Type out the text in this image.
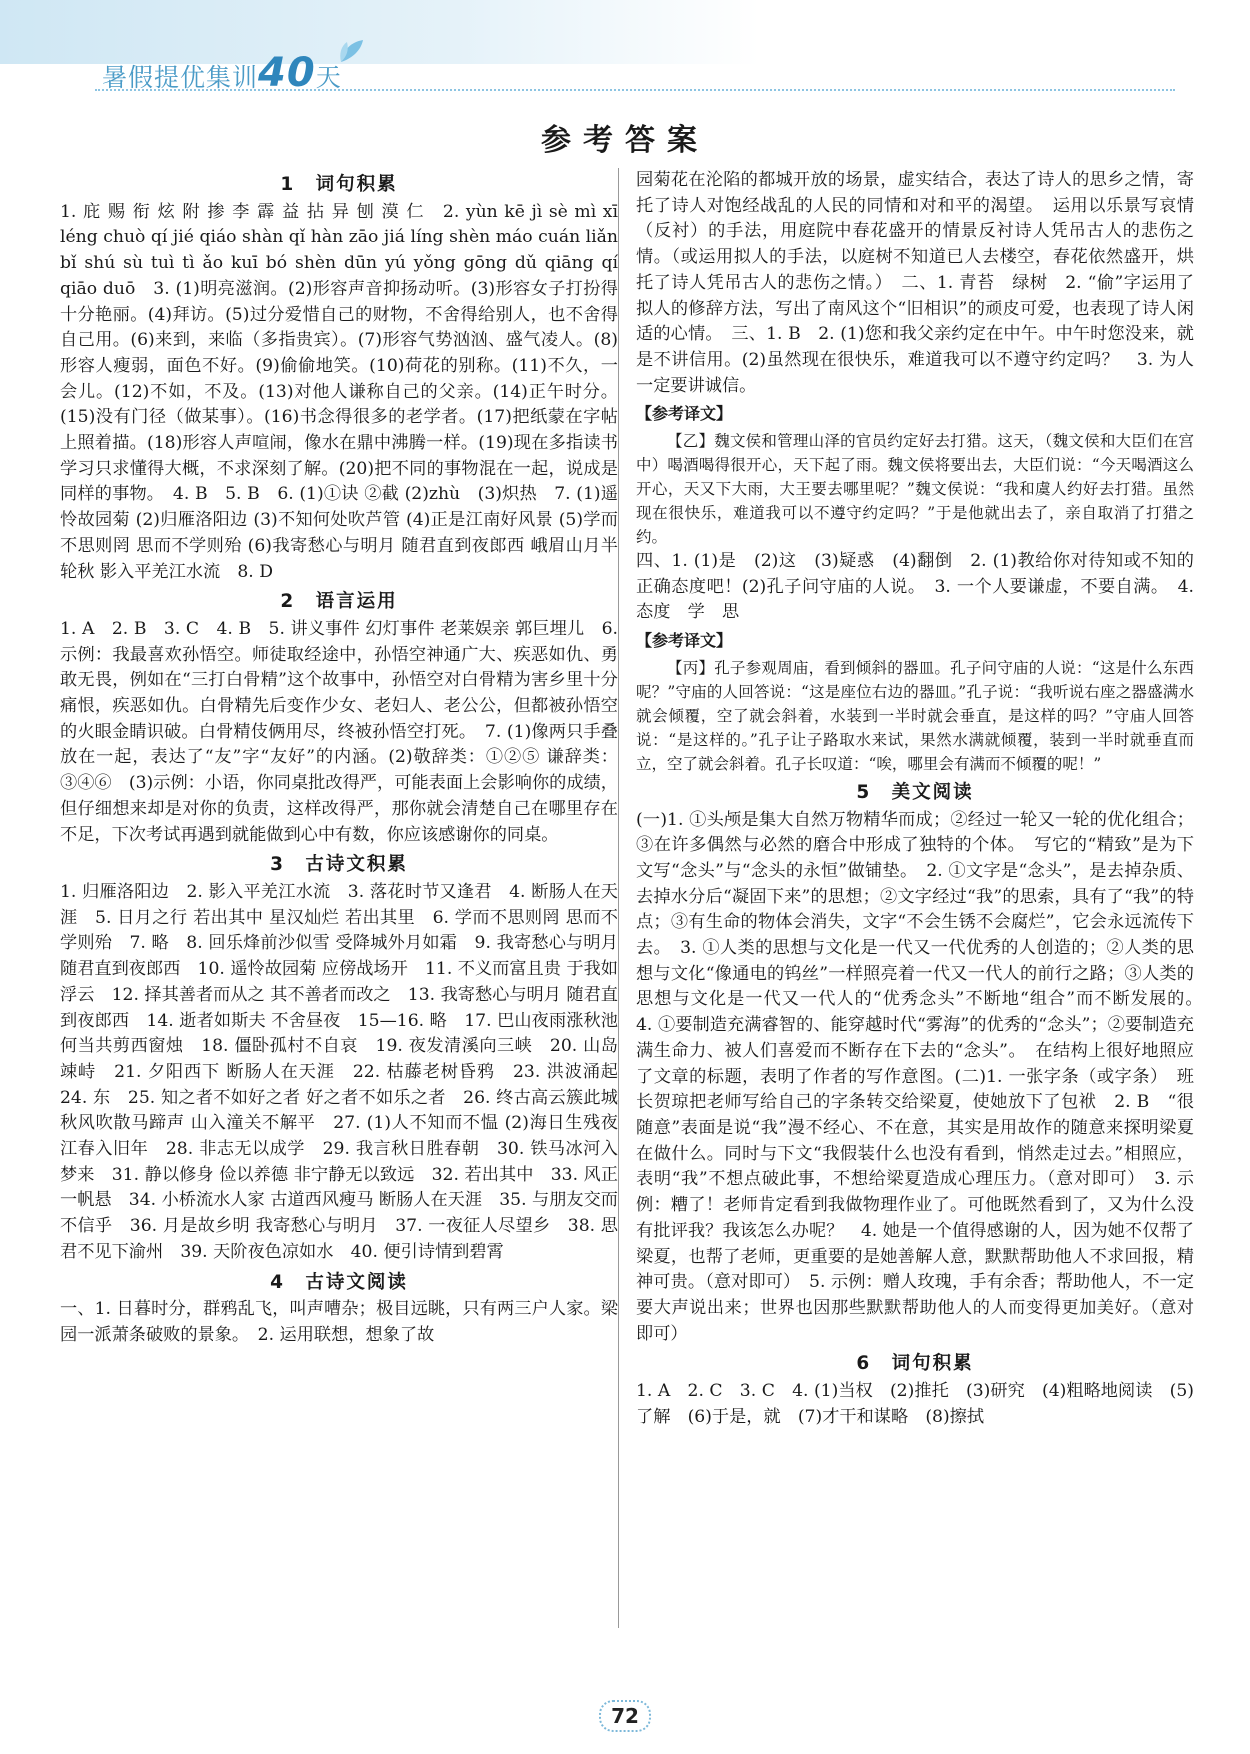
暑假提优集训40天
参考答案
1　词句积累
1. 庇 赐 衔 炫 附 掺 李 霹 益 拈 异 刨 漠 仁　2. yùn kē jì sè mì xī léng chuò qí jié qiáo shàn qǐ hàn zāo jiá líng shèn máo cuán liǎn bǐ shú sù tuì tì ǎo kuī bó shèn dūn yú yǒng gōng dǔ qiāng qí qiāo duō　3. (1)明亮滋润。(2)形容声音抑扬动听。(3)形容女子打扮得十分艳丽。(4)拜访。(5)过分爱惜自己的财物，不舍得给别人，也不舍得自己用。(6)来到，来临（多指贵宾）。(7)形容气势汹汹、盛气凌人。(8)形容人瘦弱，面色不好。(9)偷偷地笑。(10)荷花的别称。(11)不久，一会儿。(12)不如，不及。(13)对他人谦称自己的父亲。(14)正午时分。(15)没有门径（做某事）。(16)书念得很多的老学者。(17)把纸蒙在字帖上照着描。(18)形容人声喧闹，像水在鼎中沸腾一样。(19)现在多指读书学习只求懂得大概，不求深刻了解。(20)把不同的事物混在一起，说成是同样的事物。　4. B　5. B　6. (1)①诀 ②截 (2)zhù　(3)炽热　7. (1)遥怜故园菊 (2)归雁洛阳边 (3)不知何处吹芦管 (4)正是江南好风景 (5)学而不思则罔 思而不学则殆 (6)我寄愁心与明月 随君直到夜郎西 峨眉山月半轮秋 影入平羌江水流　8. D
2　语言运用
1. A　2. B　3. C　4. B　5. 讲义事件 幻灯事件 老莱娱亲 郭巨埋儿　6. 示例：我最喜欢孙悟空。师徒取经途中，孙悟空神通广大、疾恶如仇、勇敢无畏，例如在“三打白骨精”这个故事中，孙悟空对白骨精为害乡里十分痛恨，疾恶如仇。白骨精先后变作少女、老妇人、老公公，但都被孙悟空的火眼金睛识破。白骨精伎俩用尽，终被孙悟空打死。　7. (1)像两只手叠放在一起，表达了“友”字“友好”的内涵。(2)敬辞类：①②⑤ 谦辞类：③④⑥　(3)示例：小语，你同桌批改得严，可能表面上会影响你的成绩，但仔细想来却是对你的负责，这样改得严，那你就会清楚自己在哪里存在不足，下次考试再遇到就能做到心中有数，你应该感谢你的同桌。
3　古诗文积累
1. 归雁洛阳边　2. 影入平羌江水流　3. 落花时节又逢君　4. 断肠人在天涯　5. 日月之行 若出其中 星汉灿烂 若出其里　6. 学而不思则罔 思而不学则殆　7. 略　8. 回乐烽前沙似雪 受降城外月如霜　9. 我寄愁心与明月 随君直到夜郎西　10. 遥怜故园菊 应傍战场开　11. 不义而富且贵 于我如浮云　12. 择其善者而从之 其不善者而改之　13. 我寄愁心与明月 随君直到夜郎西　14. 逝者如斯夫 不舍昼夜　15—16. 略　17. 巴山夜雨涨秋池 何当共剪西窗烛　18. 僵卧孤村不自哀　19. 夜发清溪向三峡　20. 山岛竦峙　21. 夕阳西下 断肠人在天涯　22. 枯藤老树昏鸦　23. 洪波涌起　24. 东　25. 知之者不如好之者 好之者不如乐之者　26. 终古高云簇此城 秋风吹散马蹄声 山入潼关不解平　27. (1)人不知而不愠 (2)海日生残夜 江春入旧年　28. 非志无以成学　29. 我言秋日胜春朝　30. 铁马冰河入梦来　31. 静以修身 俭以养德 非宁静无以致远　32. 若出其中　33. 风正一帆悬　34. 小桥流水人家 古道西风瘦马 断肠人在天涯　35. 与朋友交而不信乎　36. 月是故乡明 我寄愁心与明月　37. 一夜征人尽望乡　38. 思君不见下渝州　39. 天阶夜色凉如水　40. 便引诗情到碧霄
4　古诗文阅读
一、1. 日暮时分，群鸦乱飞，叫声嘈杂；极目远眺，只有两三户人家。梁园一派萧条破败的景象。　2. 运用联想，想象了故
园菊花在沦陷的都城开放的场景，虚实结合，表达了诗人的思乡之情，寄托了诗人对饱经战乱的人民的同情和对和平的渴望。　运用以乐景写哀情（反衬）的手法，用庭院中春花盛开的情景反衬诗人凭吊古人的悲伤之情。（或运用拟人的手法，以庭树不知道已人去楼空，春花依然盛开，烘托了诗人凭吊古人的悲伤之情。）　二、1. 青苔　绿树　2. “偷”字运用了拟人的修辞方法，写出了南风这个“旧相识”的顽皮可爱，也表现了诗人闲适的心情。　三、1. B　2. (1)您和我父亲约定在中午。中午时您没来，就是不讲信用。(2)虽然现在很快乐，难道我可以不遵守约定吗？　3. 为人一定要讲诚信。
【参考译文】
【乙】魏文侯和管理山泽的官员约定好去打猎。这天，（魏文侯和大臣们在宫中）喝酒喝得很开心，天下起了雨。魏文侯将要出去，大臣们说：“今天喝酒这么开心，天又下大雨，大王要去哪里呢？”魏文侯说：“我和虞人约好去打猎。虽然现在很快乐，难道我可以不遵守约定吗？”于是他就出去了，亲自取消了打猎之约。
四、1. (1)是　(2)这　(3)疑惑　(4)翻倒　2. (1)教给你对待知或不知的正确态度吧！(2)孔子问守庙的人说。　3. 一个人要谦虚，不要自满。　4. 态度　学　思
【参考译文】
【丙】孔子参观周庙，看到倾斜的器皿。孔子问守庙的人说：“这是什么东西呢？”守庙的人回答说：“这是座位右边的器皿。”孔子说：“我听说右座之器盛满水就会倾覆，空了就会斜着，水装到一半时就会垂直，是这样的吗？”守庙人回答说：“是这样的。”孔子让子路取水来试，果然水满就倾覆，装到一半时就垂直而立，空了就会斜着。孔子长叹道：“唉，哪里会有满而不倾覆的呢！”
5　美文阅读
(一)1. ①头颅是集大自然万物精华而成；②经过一轮又一轮的优化组合；③在许多偶然与必然的磨合中形成了独特的个体。　写它的“精致”是为下文写“念头”与“念头的永恒”做铺垫。　2. ①文字是“念头”，是去掉杂质、去掉水分后“凝固下来”的思想；②文字经过“我”的思索，具有了“我”的特点；③有生命的物体会消失，文字“不会生锈不会腐烂”，它会永远流传下去。　3. ①人类的思想与文化是一代又一代优秀的人创造的；②人类的思想与文化“像通电的钨丝”一样照亮着一代又一代人的前行之路；③人类的思想与文化是一代又一代人的“优秀念头”不断地“组合”而不断发展的。　4. ①要制造充满睿智的、能穿越时代“雾海”的优秀的“念头”；②要制造充满生命力、被人们喜爱而不断存在下去的“念头”。　在结构上很好地照应了文章的标题，表明了作者的写作意图。(二)1. 一张字条（或字条）　班长贺琼把老师写给自己的字条转交给梁夏，使她放下了包袱　2. B　“很随意”表面是说“我”漫不经心、不在意，其实是用故作的随意来探明梁夏在做什么。同时与下文“我假装什么也没有看到，悄然走过去。”相照应，表明“我”不想点破此事，不想给梁夏造成心理压力。（意对即可）　3. 示例：糟了！老师肯定看到我做物理作业了。可他既然看到了，又为什么没有批评我？我该怎么办呢？　4. 她是一个值得感谢的人，因为她不仅帮了梁夏，也帮了老师，更重要的是她善解人意，默默帮助他人不求回报，精神可贵。（意对即可）　5. 示例：赠人玫瑰，手有余香；帮助他人，不一定要大声说出来；世界也因那些默默帮助他人的人而变得更加美好。（意对即可）
6　词句积累
1. A　2. C　3. C　4. (1)当权　(2)推托　(3)研究　(4)粗略地阅读　(5)了解　(6)于是，就　(7)才干和谋略　(8)擦拭
72
